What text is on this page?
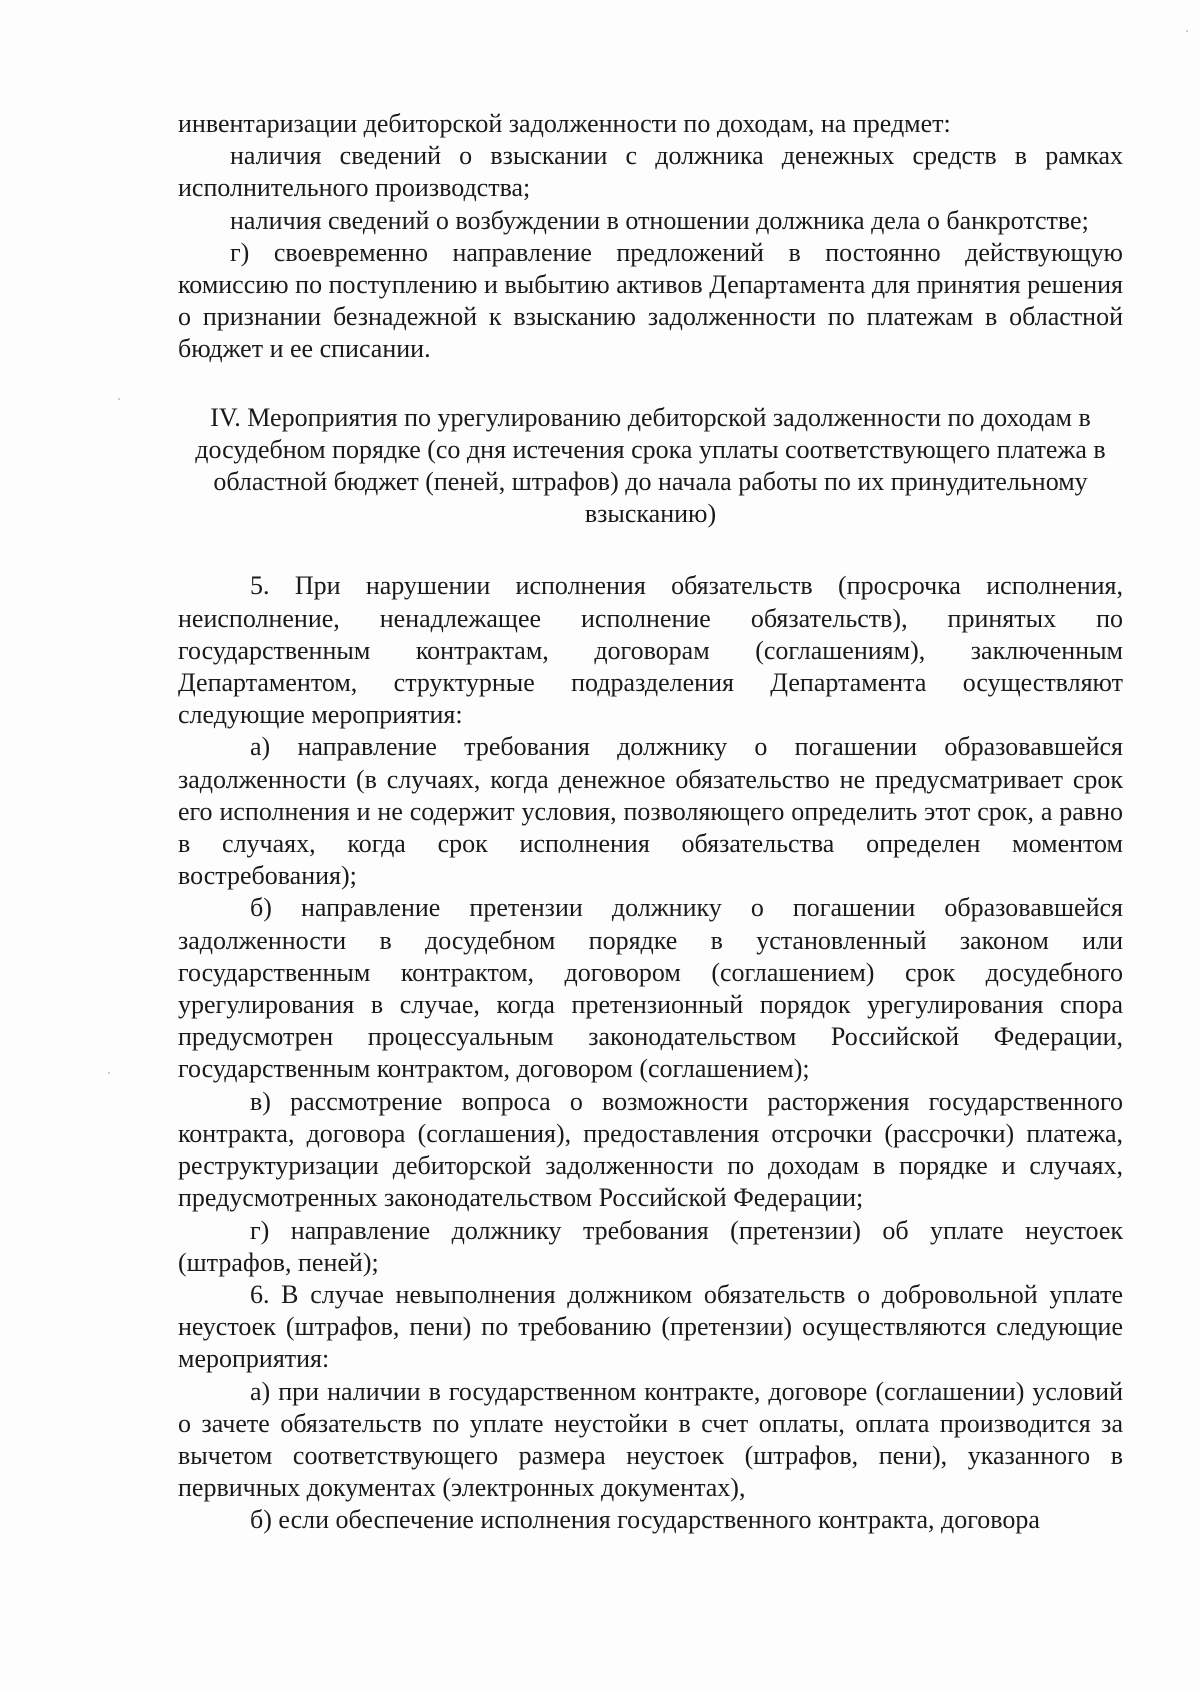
инвентаризации дебиторской задолженности по доходам, на предмет:

наличия сведений о взыскании с должника денежных средств в рамках исполнительного производства;

наличия сведений о возбуждении в отношении должника дела о банкротстве;

г) своевременно направление предложений в постоянно действующую комиссию по поступлению и выбытию активов Департамента для принятия решения о признании безнадежной к взысканию задолженности по платежам в областной бюджет и ее списании.

IV. Мероприятия по урегулированию дебиторской задолженности по доходам в досудебном порядке (со дня истечения срока уплаты соответствующего платежа в областной бюджет (пеней, штрафов) до начала работы по их принудительному взысканию)

5. При нарушении исполнения обязательств (просрочка исполнения, неисполнение, ненадлежащее исполнение обязательств), принятых по государственным контрактам, договорам (соглашениям), заключенным Департаментом, структурные подразделения Департамента осуществляют следующие мероприятия:

а) направление требования должнику о погашении образовавшейся задолженности (в случаях, когда денежное обязательство не предусматривает срок его исполнения и не содержит условия, позволяющего определить этот срок, а равно в случаях, когда срок исполнения обязательства определен моментом востребования);

б) направление претензии должнику о погашении образовавшейся задолженности в досудебном порядке в установленный законом или государственным контрактом, договором (соглашением) срок досудебного урегулирования в случае, когда претензионный порядок урегулирования спора предусмотрен процессуальным законодательством Российской Федерации, государственным контрактом, договором (соглашением);

в) рассмотрение вопроса о возможности расторжения государственного контракта, договора (соглашения), предоставления отсрочки (рассрочки) платежа, реструктуризации дебиторской задолженности по доходам в порядке и случаях, предусмотренных законодательством Российской Федерации;

г) направление должнику требования (претензии) об уплате неустоек (штрафов, пеней);

6. В случае невыполнения должником обязательств о добровольной уплате неустоек (штрафов, пени) по требованию (претензии) осуществляются следующие мероприятия:

а) при наличии в государственном контракте, договоре (соглашении) условий о зачете обязательств по уплате неустойки в счет оплаты, оплата производится за вычетом соответствующего размера неустоек (штрафов, пени), указанного в первичных документах (электронных документах),

б) если обеспечение исполнения государственного контракта, договора
